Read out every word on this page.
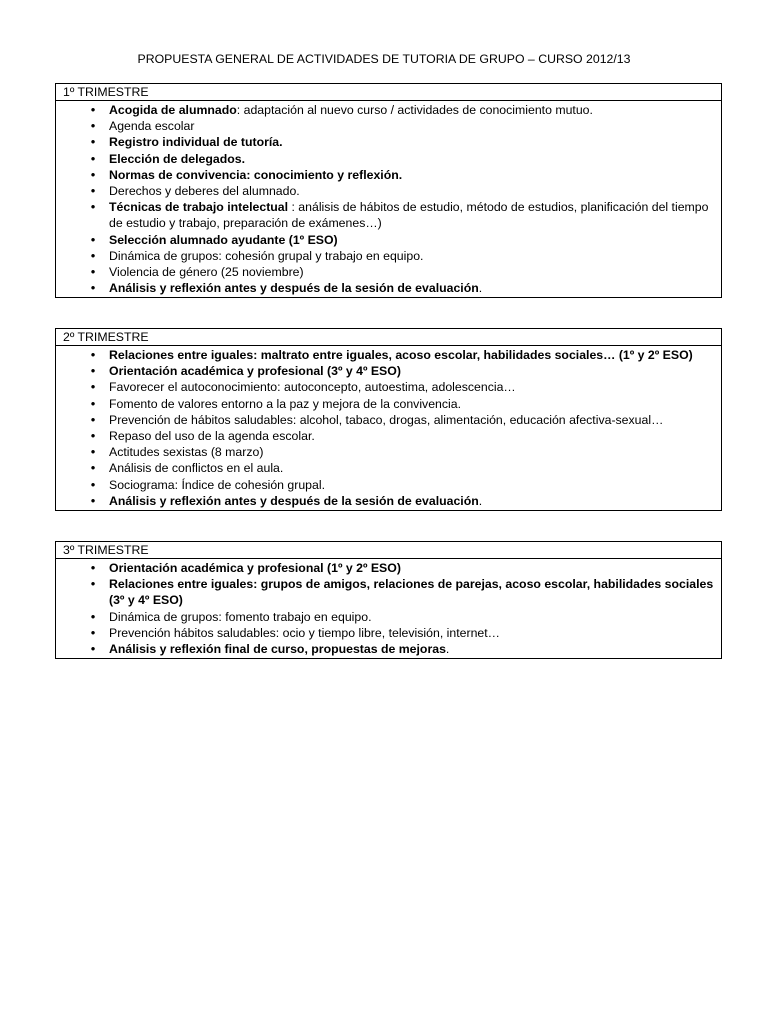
PROPUESTA GENERAL DE ACTIVIDADES DE TUTORIA DE GRUPO – CURSO 2012/13
1º TRIMESTRE
• Acogida de alumnado: adaptación al nuevo curso / actividades de conocimiento mutuo.
• Agenda escolar
• Registro individual de tutoría.
• Elección de delegados.
• Normas de convivencia: conocimiento y reflexión.
• Derechos y deberes del alumnado.
• Técnicas de trabajo intelectual : análisis de hábitos de estudio, método de estudios, planificación del tiempo de estudio y trabajo, preparación de exámenes…)
• Selección alumnado ayudante (1º ESO)
• Dinámica de grupos: cohesión grupal y trabajo en equipo.
• Violencia de género (25 noviembre)
• Análisis y reflexión antes y después de la sesión de evaluación.
2º TRIMESTRE
• Relaciones entre iguales: maltrato entre iguales, acoso escolar, habilidades sociales… (1º y 2º ESO)
• Orientación académica y profesional (3º y 4º ESO)
• Favorecer el autoconocimiento: autoconcepto, autoestima, adolescencia…
• Fomento de valores entorno a la paz y mejora de la convivencia.
• Prevención de hábitos saludables: alcohol, tabaco, drogas, alimentación, educación afectiva-sexual…
• Repaso del uso de la agenda escolar.
• Actitudes sexistas (8 marzo)
• Análisis de conflictos en el aula.
• Sociograma: Índice de cohesión grupal.
• Análisis y reflexión antes y después de la sesión de evaluación.
3º TRIMESTRE
• Orientación académica y profesional (1º y 2º ESO)
• Relaciones entre iguales: grupos de amigos, relaciones de parejas, acoso escolar, habilidades sociales (3º y 4º ESO)
• Dinámica de grupos: fomento trabajo en equipo.
• Prevención hábitos saludables: ocio y tiempo libre, televisión, internet…
• Análisis y reflexión final de curso, propuestas de mejoras.
